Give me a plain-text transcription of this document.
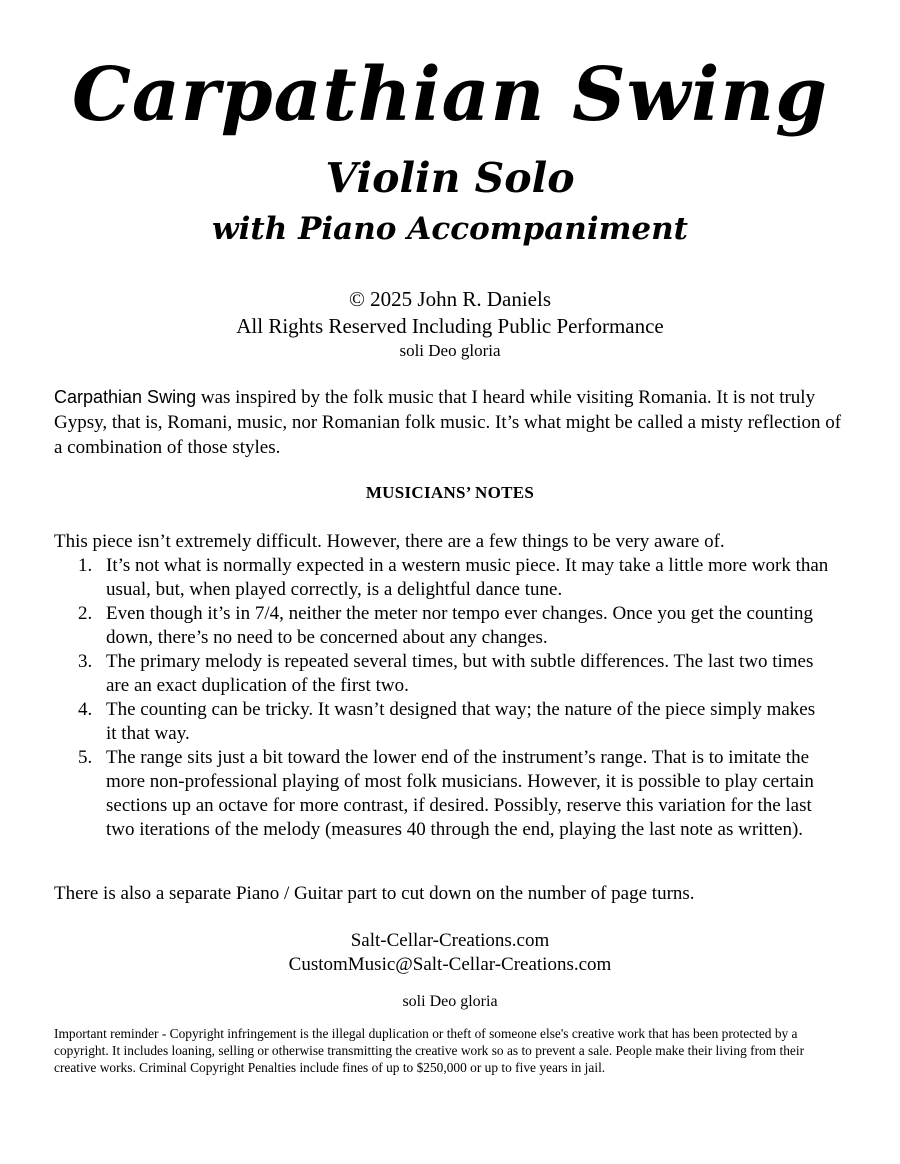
Carpathian Swing
Violin Solo
with Piano Accompaniment
© 2025 John R. Daniels
All Rights Reserved Including Public Performance
soli Deo gloria

Carpathian Swing was inspired by the folk music that I heard while visiting Romania. It is not truly Gypsy, that is, Romani, music, nor Romanian folk music. It’s what might be called a misty reflection of a combination of those styles.

MUSICIANS’ NOTES
This piece isn’t extremely difficult. However, there are a few things to be very aware of.
1. It’s not what is normally expected in a western music piece. It may take a little more work than usual, but, when played correctly, is a delightful dance tune.
2. Even though it’s in 7/4, neither the meter nor tempo ever changes. Once you get the counting down, there’s no need to be concerned about any changes.
3. The primary melody is repeated several times, but with subtle differences. The last two times are an exact duplication of the first two.
4. The counting can be tricky. It wasn’t designed that way; the nature of the piece simply makes it that way.
5. The range sits just a bit toward the lower end of the instrument’s range. That is to imitate the more non-professional playing of most folk musicians. However, it is possible to play certain sections up an octave for more contrast, if desired. Possibly, reserve this variation for the last two iterations of the melody (measures 40 through the end, playing the last note as written).
There is also a separate Piano / Guitar part to cut down on the number of page turns.
Salt-Cellar-Creations.com
CustomMusic@Salt-Cellar-Creations.com
soli Deo gloria
Important reminder - Copyright infringement is the illegal duplication or theft of someone else's creative work that has been protected by a copyright. It includes loaning, selling or otherwise transmitting the creative work so as to prevent a sale. People make their living from their creative works. Criminal Copyright Penalties include fines of up to $250,000 or up to five years in jail.
